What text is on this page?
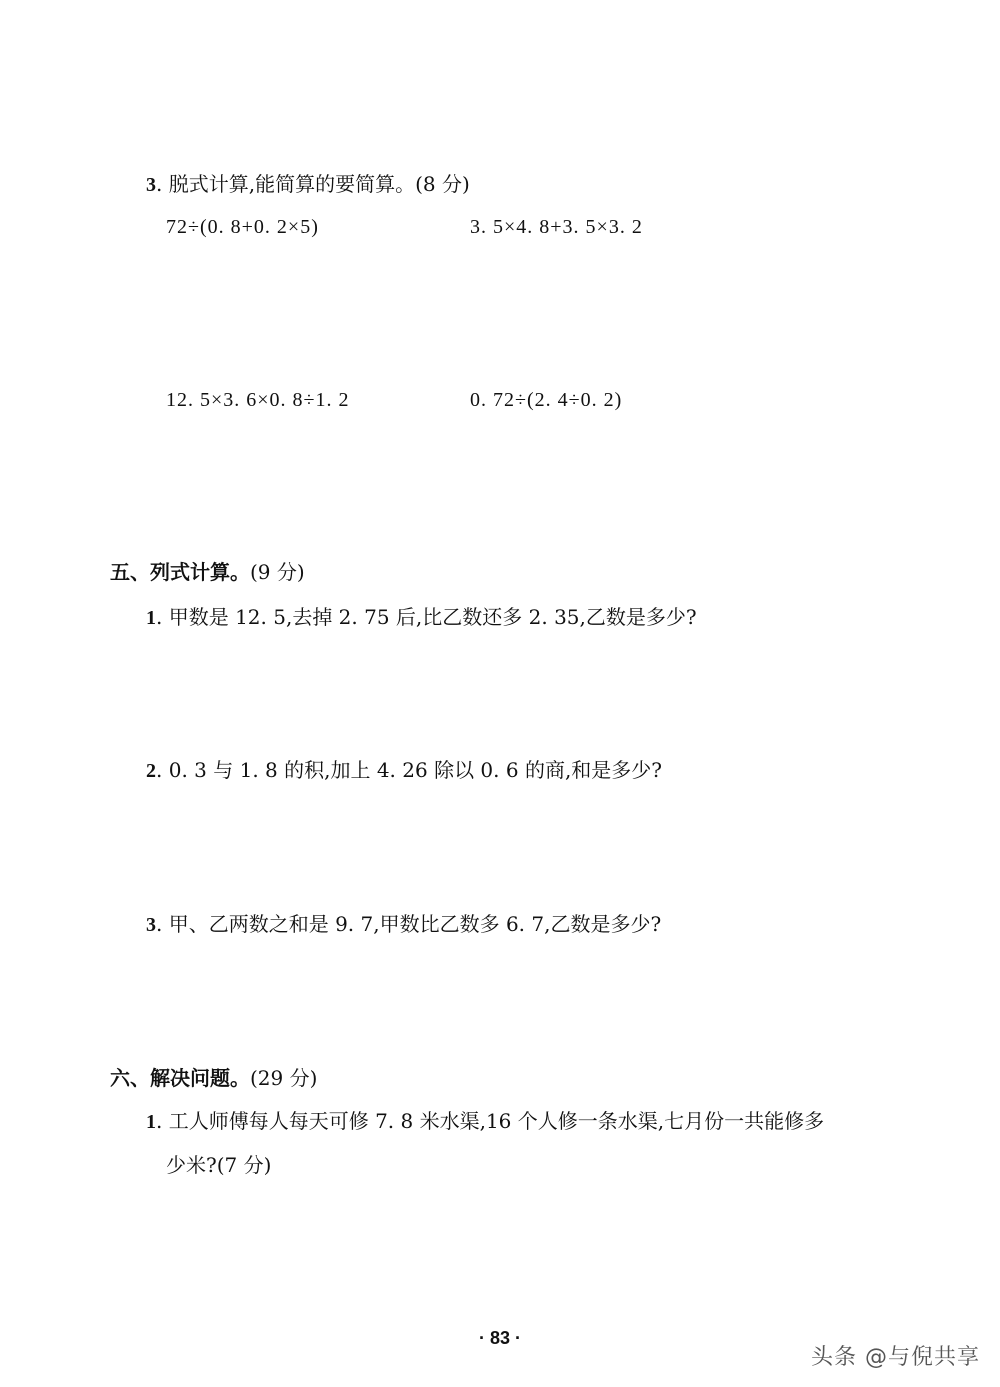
3. 脱式计算,能简算的要简算。(8 分)
72÷(0. 8+0. 2×5)	3. 5×4. 8+3. 5×3. 2
12. 5×3. 6×0. 8÷1. 2	0. 72÷(2. 4÷0. 2)
五、列式计算。(9 分)
1. 甲数是 12. 5,去掉 2. 75 后,比乙数还多 2. 35,乙数是多少?
2. 0. 3 与 1. 8 的积,加上 4. 26 除以 0. 6 的商,和是多少?
3. 甲、乙两数之和是 9. 7,甲数比乙数多 6. 7,乙数是多少?
六、解决问题。(29 分)
1. 工人师傅每人每天可修 7. 8 米水渠,16 个人修一条水渠,七月份一共能修多
少米?(7 分)
· 83 ·
头条 @与倪共享
